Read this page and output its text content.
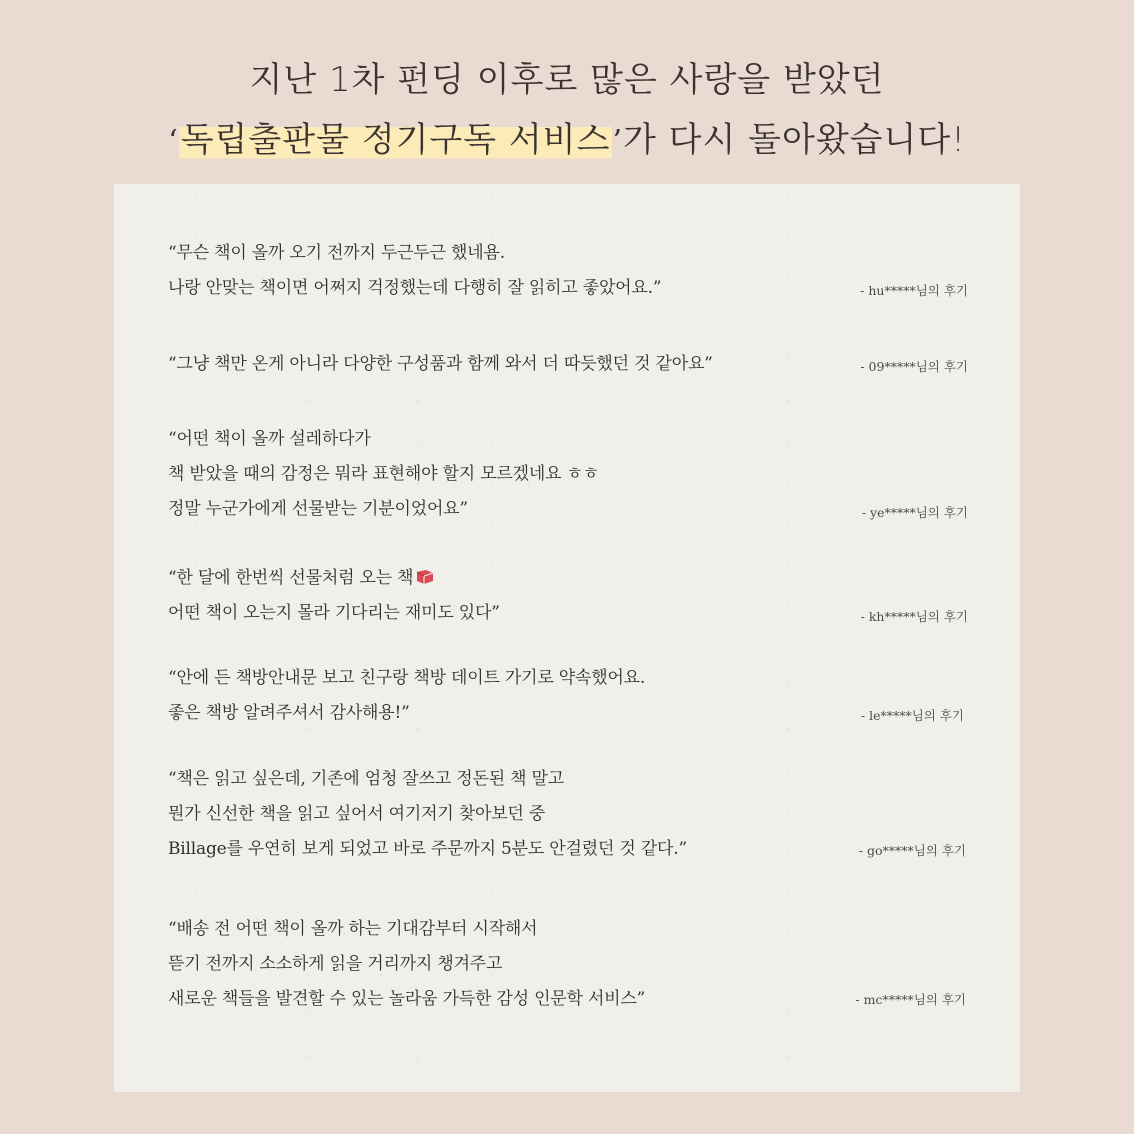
지난 1차 펀딩 이후로 많은 사랑을 받았던
‘독립출판물 정기구독 서비스’가 다시 돌아왔습니다!
“무슨 책이 올까 오기 전까지 두근두근 했네욤.
나랑 안맞는 책이면 어쩌지 걱정했는데 다행히 잘 읽히고 좋았어요.”	- hu*****님의 후기
“그냥 책만 온게 아니라 다양한 구성품과 함께 와서 더 따듯했던 것 같아요”	- 09*****님의 후기
“어떤 책이 올까 설레하다가
책 받았을 때의 감정은 뭐라 표현해야 할지 모르겠네요 ㅎㅎ
정말 누군가에게 선물받는 기분이었어요”	- ye*****님의 후기
“한 달에 한번씩 선물처럼 오는 책
어떤 책이 오는지 몰라 기다리는 재미도 있다”	- kh*****님의 후기
“안에 든 책방안내문 보고 친구랑 책방 데이트 가기로 약속했어요.
좋은 책방 알려주셔서 감사해용!”	- le*****님의 후기
“책은 읽고 싶은데, 기존에 엄청 잘쓰고 정돈된 책 말고
뭔가 신선한 책을 읽고 싶어서 여기저기 찾아보던 중
Billage를 우연히 보게 되었고 바로 주문까지 5분도 안걸렸던 것 같다.”	- go*****님의 후기
“배송 전 어떤 책이 올까 하는 기대감부터 시작해서
뜯기 전까지 소소하게 읽을 거리까지 챙겨주고
새로운 책들을 발견할 수 있는 놀라움 가득한 감성 인문학 서비스”	- mc*****님의 후기
